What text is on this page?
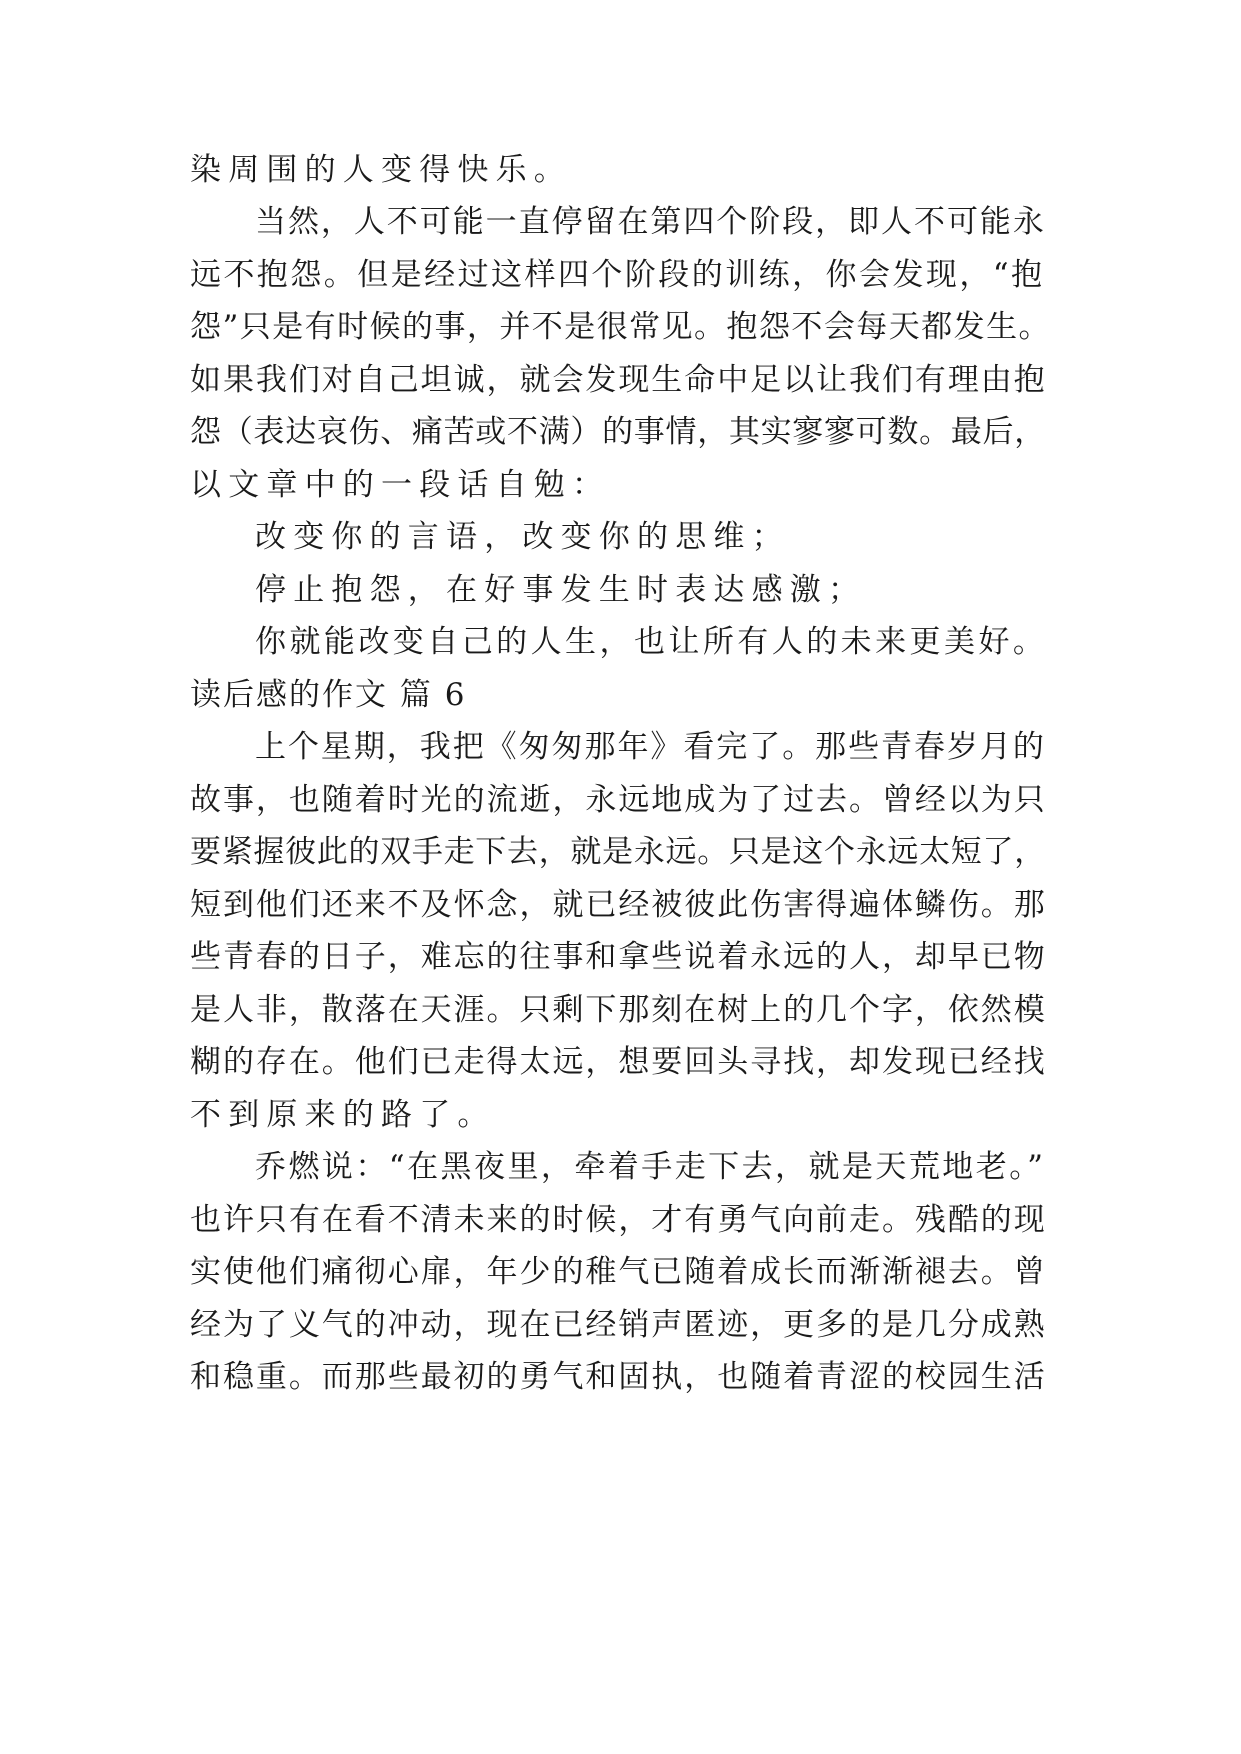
染周围的人变得快乐。

当然，人不可能一直停留在第四个阶段，即人不可能永

远不抱怨。但是经过这样四个阶段的训练，你会发现，“抱

怨”只是有时候的事，并不是很常见。抱怨不会每天都发生。

如果我们对自己坦诚，就会发现生命中足以让我们有理由抱

怨（表达哀伤、痛苦或不满）的事情，其实寥寥可数。最后，

以文章中的一段话自勉：

改变你的言语，改变你的思维；

停止抱怨，在好事发生时表达感激；

你就能改变自己的人生，也让所有人的未来更美好。

读后感的作文 篇 6

上个星期，我把《匆匆那年》看完了。那些青春岁月的

故事，也随着时光的流逝，永远地成为了过去。曾经以为只

要紧握彼此的双手走下去，就是永远。只是这个永远太短了，

短到他们还来不及怀念，就已经被彼此伤害得遍体鳞伤。那

些青春的日子，难忘的往事和拿些说着永远的人，却早已物

是人非，散落在天涯。只剩下那刻在树上的几个字，依然模

糊的存在。他们已走得太远，想要回头寻找，却发现已经找

不到原来的路了。

乔燃说：“在黑夜里，牵着手走下去，就是天荒地老。”

也许只有在看不清未来的时候，才有勇气向前走。残酷的现

实使他们痛彻心扉，年少的稚气已随着成长而渐渐褪去。曾

经为了义气的冲动，现在已经销声匿迹，更多的是几分成熟

和稳重。而那些最初的勇气和固执，也随着青涩的校园生活
